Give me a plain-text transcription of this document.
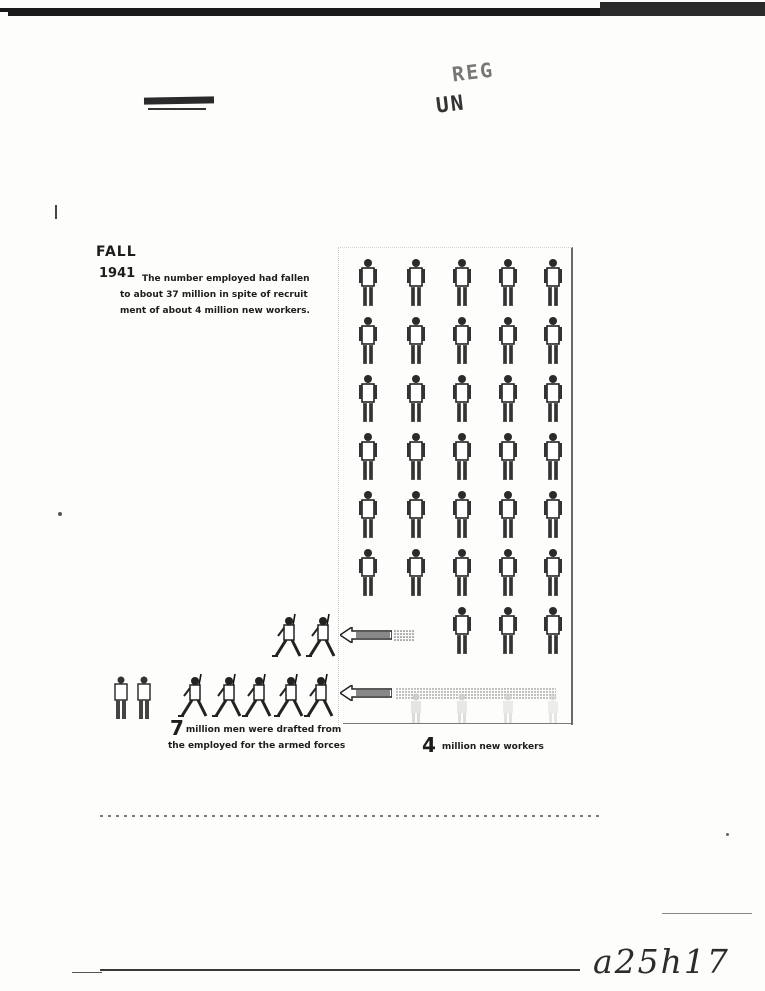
REG
UN
FALL
1941 The number employed had fallen
to about 37 million in spite of recruit
ment of about 4 million new workers.
7 million men were drafted from
the employed for the armed forces	4 million new workers
a25h17
